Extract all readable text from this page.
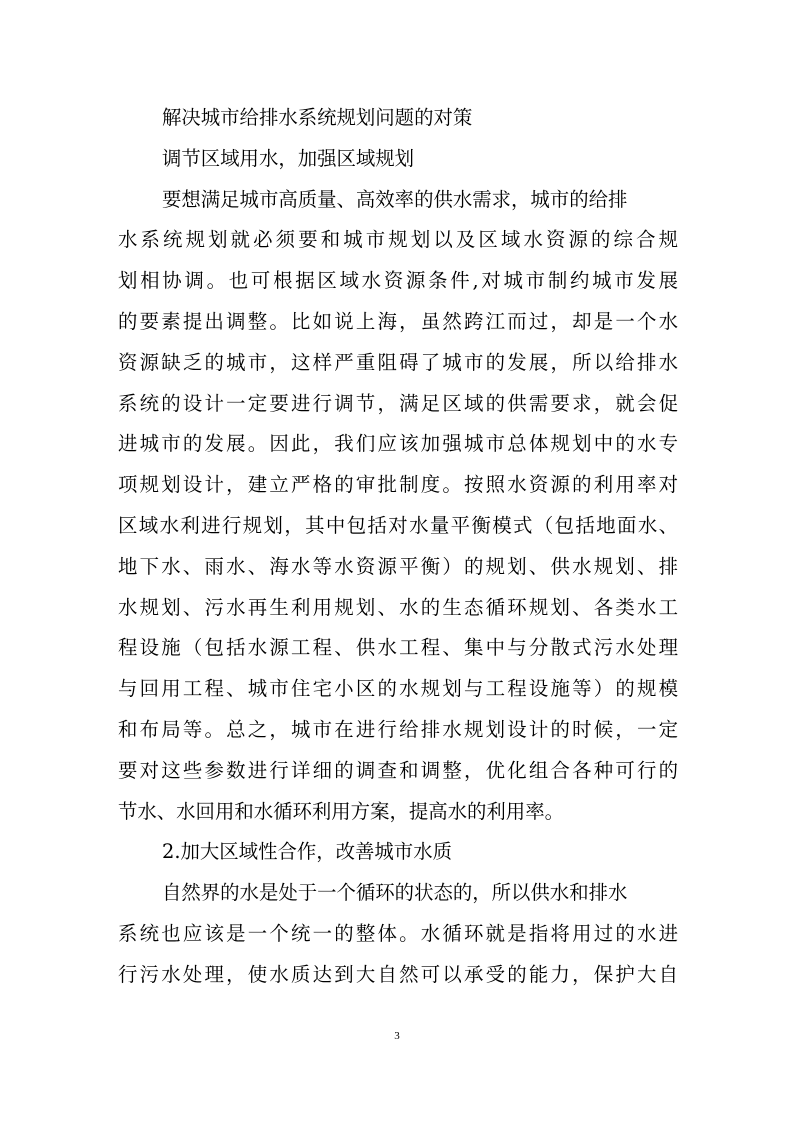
解决城市给排水系统规划问题的对策
调节区域用水，加强区域规划
要想满足城市高质量、高效率的供水需求，城市的给排
水系统规划就必须要和城市规划以及区域水资源的综合规
划相协调。也可根据区域水资源条件,对城市制约城市发展
的要素提出调整。比如说上海，虽然跨江而过，却是一个水
资源缺乏的城市，这样严重阻碍了城市的发展，所以给排水
系统的设计一定要进行调节，满足区域的供需要求，就会促
进城市的发展。因此，我们应该加强城市总体规划中的水专
项规划设计，建立严格的审批制度。按照水资源的利用率对
区域水利进行规划，其中包括对水量平衡模式（包括地面水、
地下水、雨水、海水等水资源平衡）的规划、供水规划、排
水规划、污水再生利用规划、水的生态循环规划、各类水工
程设施（包括水源工程、供水工程、集中与分散式污水处理
与回用工程、城市住宅小区的水规划与工程设施等）的规模
和布局等。总之，城市在进行给排水规划设计的时候，一定
要对这些参数进行详细的调查和调整，优化组合各种可行的
节水、水回用和水循环利用方案，提高水的利用率。
2.加大区域性合作，改善城市水质
自然界的水是处于一个循环的状态的，所以供水和排水
系统也应该是一个统一的整体。水循环就是指将用过的水进
行污水处理，使水质达到大自然可以承受的能力，保护大自
3
